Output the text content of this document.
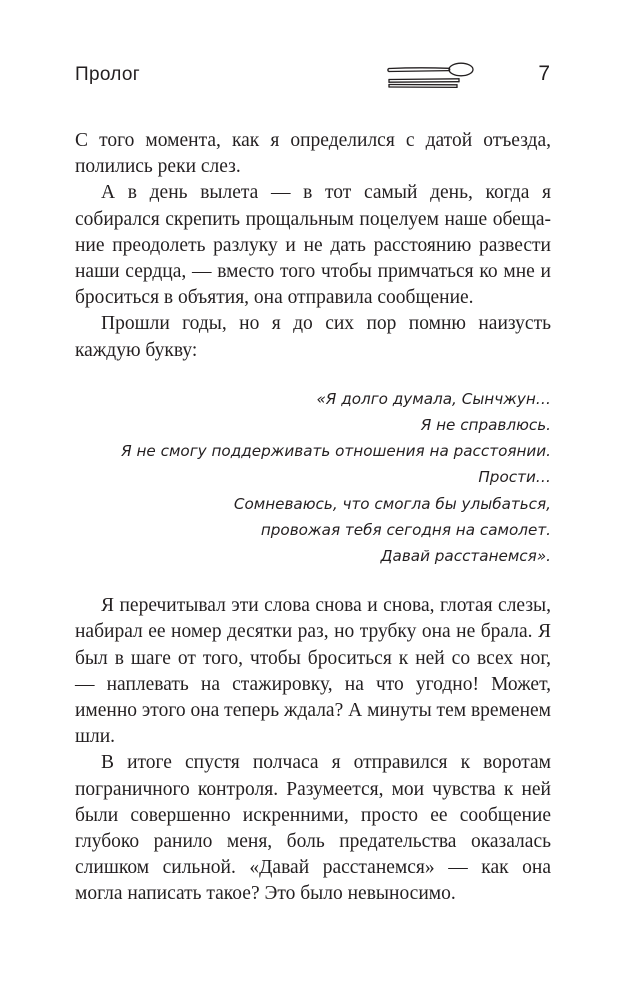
Пролог	7

С того момента, как я определился с датой отъезда, полились реки слез.

А в день вылета — в тот самый день, когда я собирался скрепить прощальным поцелуем наше обещание преодолеть разлуку и не дать расстоянию развести наши сердца, — вместо того чтобы примчаться ко мне и броситься в объятия, она отправила сообщение.

Прошли годы, но я до сих пор помню наизусть каждую букву:

«Я долго думала, Сынчжун…
Я не справлюсь.
Я не смогу поддерживать отношения на расстоянии.
Прости…
Сомневаюсь, что смогла бы улыбаться,
провожая тебя сегодня на самолет.
Давай расстанемся».

Я перечитывал эти слова снова и снова, глотая слезы, набирал ее номер десятки раз, но трубку она не брала. Я был в шаге от того, чтобы броситься к ней со всех ног, — наплевать на стажировку, на что угодно! Может, именно этого она теперь ждала? А минуты тем временем шли.

В итоге спустя полчаса я отправился к воротам пограничного контроля. Разумеется, мои чувства к ней были совершенно искренними, просто ее сообщение глубоко ранило меня, боль предательства оказалась слишком сильной. «Давай расстанемся» — как она могла написать такое? Это было невыносимо.
